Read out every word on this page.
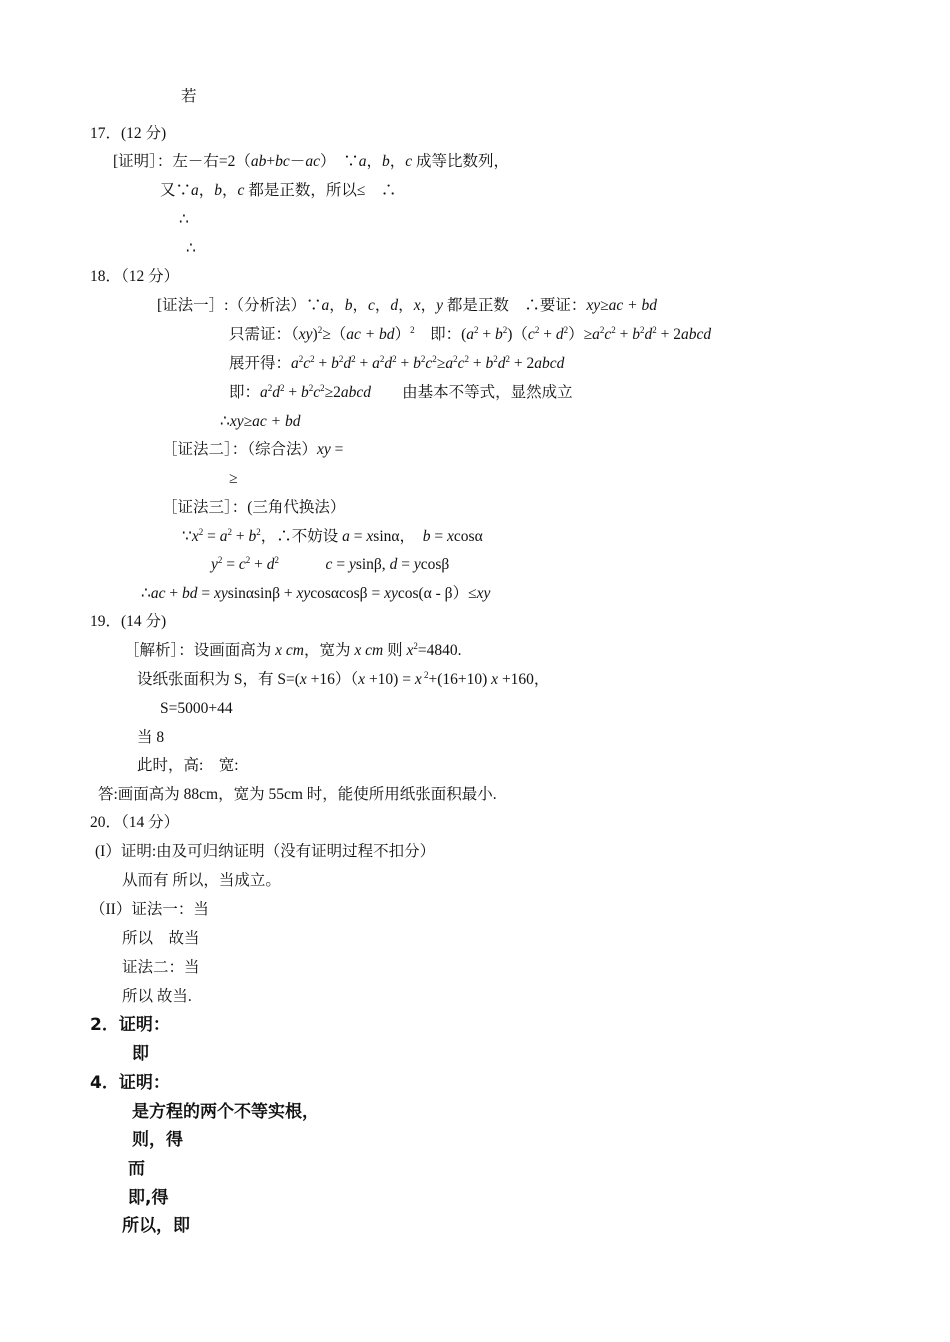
若
17．(12 分)
[证明］：左－右=2（ab+bc－ac）　∵a，b，c 成等比数列，
又∵a，b，c 都是正数，所以≤　∴
∴
∴
18．（12 分）
[证法一］:（分析法）∵a，b，c，d，x，y 都是正数　∴要证：xy≥ac + bd
只需证：（xy)$^2$≥（ac + bd）$^2$　即：$(a^2 + b^2)(c^2 + d^2)\ge a^2c^2 + b^2d^2$ + 2abcd
展开得：$a^2c^2 + b^2d^2 + a^2d^2 + b^2c^2\ge a^2c^2 + b^2d^2$ + 2abcd
即：$a^2d^2$ + $b^2c^2\ge 2abcd$　　由基本不等式，显然成立
∴xy≥ac + bd
［证法二］：（综合法）xy =
≥
［证法三］：(三角代换法）
$\because x^2 = a^2 + b^2$，∴不妨设 a = xsinα，　b = xcosα
$y^2 = c^2 + d^2$　　　	c = ysinβ, d = ycosβ
∴ac + bd = xysinαsinβ + xycosαcosβ = xycos(α - β）≤xy
19．(14 分)
［解析］：设画面高为 x cm，宽为 x cm 则 $x^2=4840$.
设纸张面积为 S，有 S=(x +16）（x +10) = x $^2$+(16+10) x +160，
S=5000+44
当 8
此时，高:　宽:
答:画面高为 88cm，宽为 55cm 时，能使所用纸张面积最小.
20．（14 分）
(I）证明:由及可归纳证明（没有证明过程不扣分）
从而有 所以，当成立。
（II）证法一：当
所以　故当
证法二：当
所以 故当.
2．证明：
即
4．证明：
是方程的两个不等实根，
则，得
而
即,得
所以，即
